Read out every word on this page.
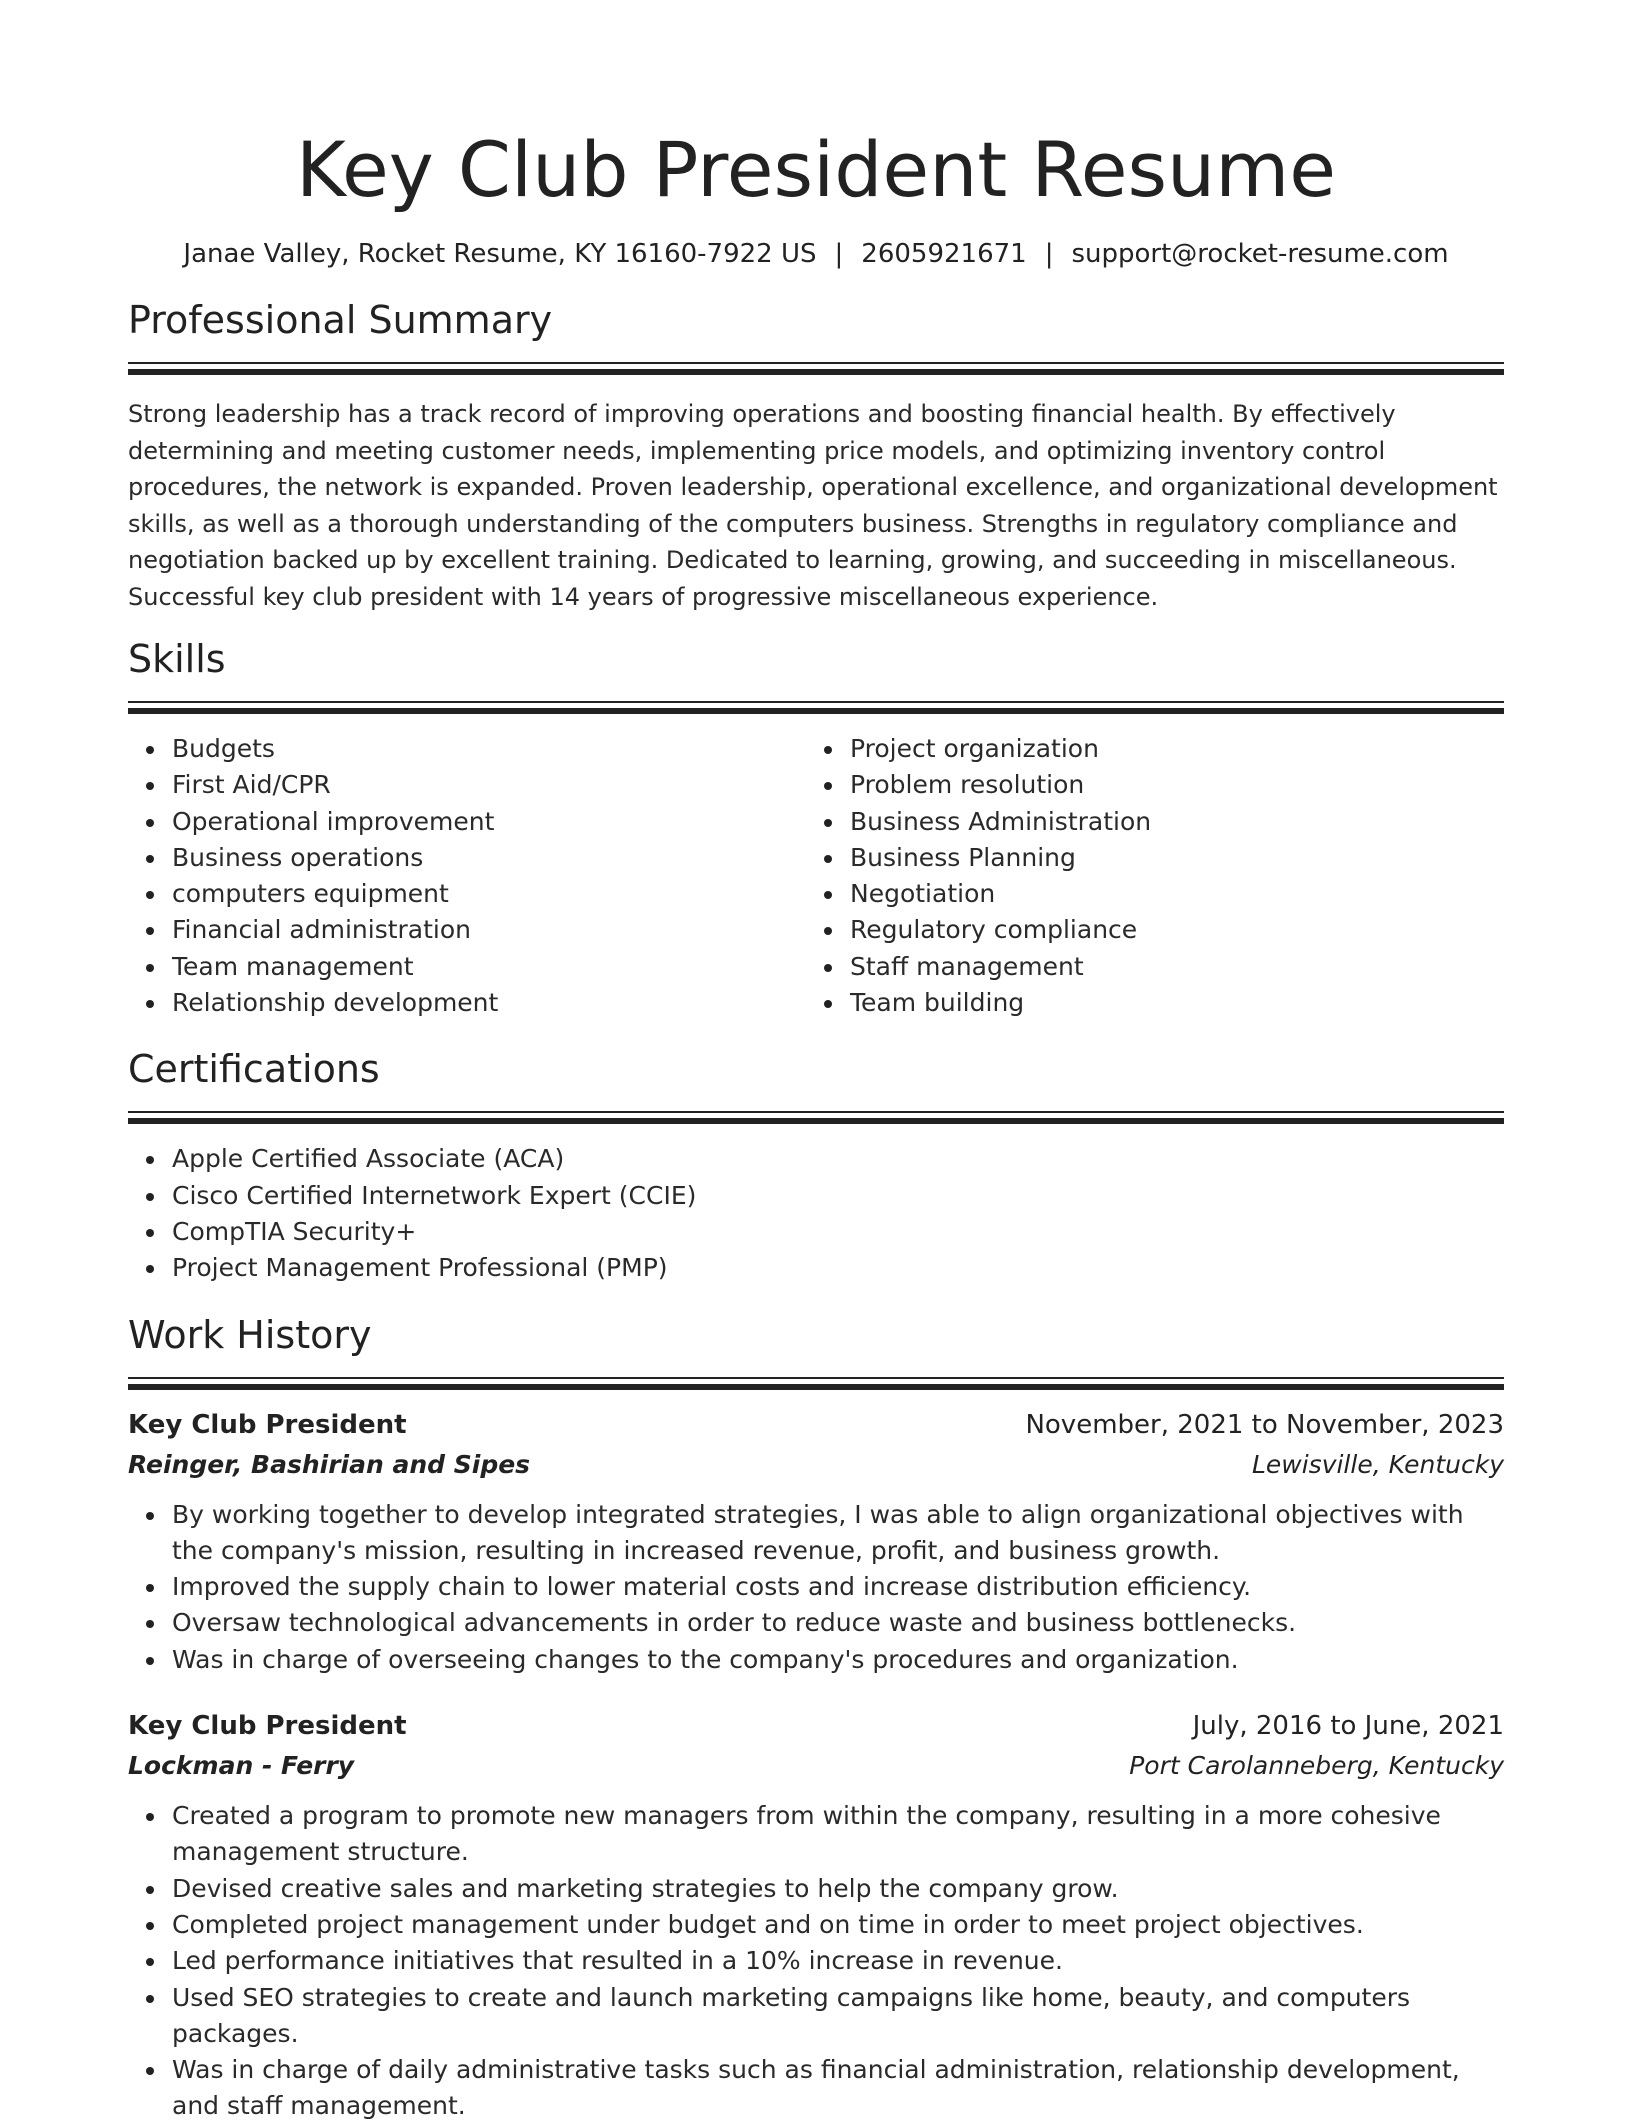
Key Club President Resume
Janae Valley, Rocket Resume, KY 16160-7922 US | 2605921671 | support@rocket-resume.com
Professional Summary

Strong leadership has a track record of improving operations and boosting financial health. By effectively determining and meeting customer needs, implementing price models, and optimizing inventory control procedures, the network is expanded. Proven leadership, operational excellence, and organizational development skills, as well as a thorough understanding of the computers business. Strengths in regulatory compliance and negotiation backed up by excellent training. Dedicated to learning, growing, and succeeding in miscellaneous. Successful key club president with 14 years of progressive miscellaneous experience.

Skills
Budgets
First Aid/CPR
Operational improvement
Business operations
computers equipment
Financial administration
Team management
Relationship development
Project organization
Problem resolution
Business Administration
Business Planning
Negotiation
Regulatory compliance
Staff management
Team building
Certifications
Apple Certified Associate (ACA)
Cisco Certified Internetwork Expert (CCIE)
CompTIA Security+
Project Management Professional (PMP)
Work History
Key Club President	November, 2021 to November, 2023
Reinger, Bashirian and Sipes	Lewisville, Kentucky
By working together to develop integrated strategies, I was able to align organizational objectives with the company's mission, resulting in increased revenue, profit, and business growth.
Improved the supply chain to lower material costs and increase distribution efficiency.
Oversaw technological advancements in order to reduce waste and business bottlenecks.
Was in charge of overseeing changes to the company's procedures and organization.
Key Club President	July, 2016 to June, 2021
Lockman - Ferry	Port Carolanneberg, Kentucky
Created a program to promote new managers from within the company, resulting in a more cohesive management structure.
Devised creative sales and marketing strategies to help the company grow.
Completed project management under budget and on time in order to meet project objectives.
Led performance initiatives that resulted in a 10% increase in revenue.
Used SEO strategies to create and launch marketing campaigns like home, beauty, and computers packages.
Was in charge of daily administrative tasks such as financial administration, relationship development, and staff management.
